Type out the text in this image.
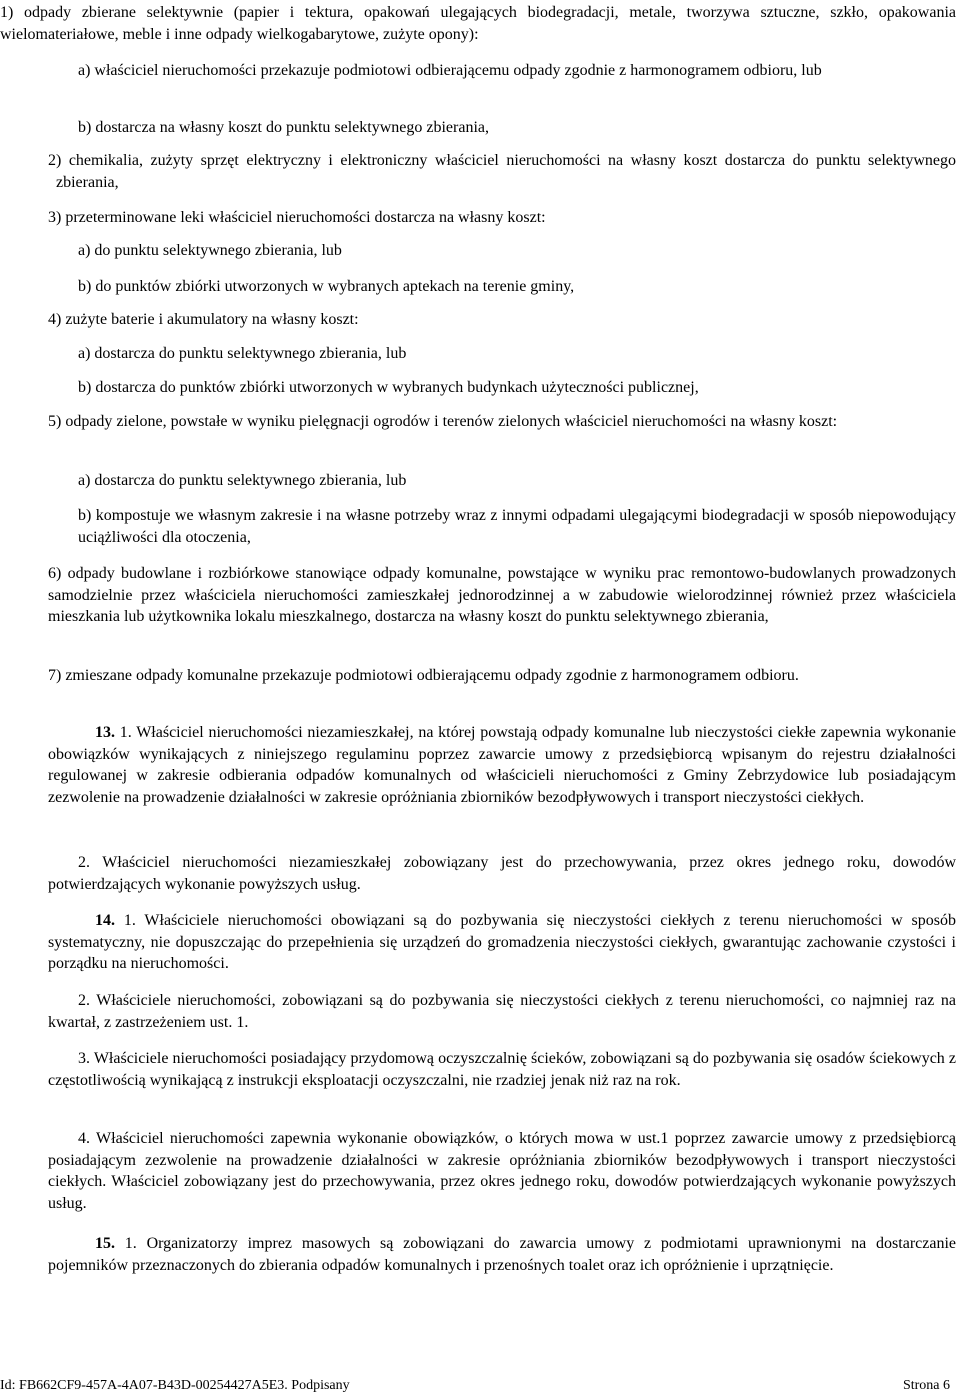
1) odpady zbierane selektywnie (papier i tektura, opakowań ulegających biodegradacji, metale, tworzywa sztuczne, szkło, opakowania wielomateriałowe, meble i inne odpady wielkogabarytowe, zużyte opony):

a) właściciel nieruchomości przekazuje podmiotowi odbierającemu odpady zgodnie z harmonogramem odbioru, lub

b) dostarcza na własny koszt do punktu selektywnego zbierania,

2) chemikalia, zużyty sprzęt elektryczny i elektroniczny właściciel nieruchomości na własny koszt dostarcza do punktu selektywnego zbierania,

3) przeterminowane leki właściciel nieruchomości dostarcza na własny koszt:

a) do punktu selektywnego zbierania, lub

b) do punktów zbiórki utworzonych w wybranych aptekach na terenie gminy,

4) zużyte baterie i akumulatory na własny koszt:

a) dostarcza do punktu selektywnego zbierania, lub

b) dostarcza do punktów zbiórki utworzonych w wybranych budynkach użyteczności publicznej,

5) odpady zielone, powstałe w wyniku pielęgnacji ogrodów i terenów zielonych właściciel nieruchomości na własny koszt:

a) dostarcza do punktu selektywnego zbierania, lub

b) kompostuje we własnym zakresie i na własne potrzeby wraz z innymi odpadami ulegającymi biodegradacji w sposób niepowodujący uciążliwości dla otoczenia,

6) odpady budowlane i rozbiórkowe stanowiące odpady komunalne, powstające w wyniku prac remontowo-budowlanych prowadzonych samodzielnie przez właściciela nieruchomości zamieszkałej jednorodzinnej a w zabudowie wielorodzinnej również przez właściciela mieszkania lub użytkownika lokalu mieszkalnego, dostarcza na własny koszt do punktu selektywnego zbierania,

7) zmieszane odpady komunalne przekazuje podmiotowi odbierającemu odpady zgodnie z harmonogramem odbioru.

13. 1. Właściciel nieruchomości niezamieszkałej, na której powstają odpady komunalne lub nieczystości ciekłe zapewnia wykonanie obowiązków wynikających z niniejszego regulaminu poprzez zawarcie umowy z przedsiębiorcą wpisanym do rejestru działalności regulowanej w zakresie odbierania odpadów komunalnych od właścicieli nieruchomości z Gminy Zebrzydowice lub posiadającym zezwolenie na prowadzenie działalności w zakresie opróżniania zbiorników bezodpływowych i transport nieczystości ciekłych.

2. Właściciel nieruchomości niezamieszkałej zobowiązany jest do przechowywania, przez okres jednego roku, dowodów potwierdzających wykonanie powyższych usług.

14. 1. Właściciele nieruchomości obowiązani są do pozbywania się nieczystości ciekłych z terenu nieruchomości w sposób systematyczny, nie dopuszczając do przepełnienia się urządzeń do gromadzenia nieczystości ciekłych, gwarantując zachowanie czystości i porządku na nieruchomości.

2. Właściciele nieruchomości, zobowiązani są do pozbywania się nieczystości ciekłych z terenu nieruchomości, co najmniej raz na kwartał, z zastrzeżeniem ust. 1.

3. Właściciele nieruchomości posiadający przydomową oczyszczalnię ścieków, zobowiązani są do pozbywania się osadów ściekowych z częstotliwością wynikającą z instrukcji eksploatacji oczyszczalni, nie rzadziej jenak niż raz na rok.

4. Właściciel nieruchomości zapewnia wykonanie obowiązków, o których mowa w ust.1 poprzez zawarcie umowy z przedsiębiorcą posiadającym zezwolenie na prowadzenie działalności w zakresie opróżniania zbiorników bezodpływowych i transport nieczystości ciekłych. Właściciel zobowiązany jest do przechowywania, przez okres jednego roku, dowodów potwierdzających wykonanie powyższych usług.

15. 1. Organizatorzy imprez masowych są zobowiązani do zawarcia umowy z podmiotami uprawnionymi na dostarczanie pojemników przeznaczonych do zbierania odpadów komunalnych i przenośnych toalet oraz ich opróżnienie i uprzątnięcie.

Id: FB662CF9-457A-4A07-B43D-00254427A5E3. Podpisany	Strona 6
